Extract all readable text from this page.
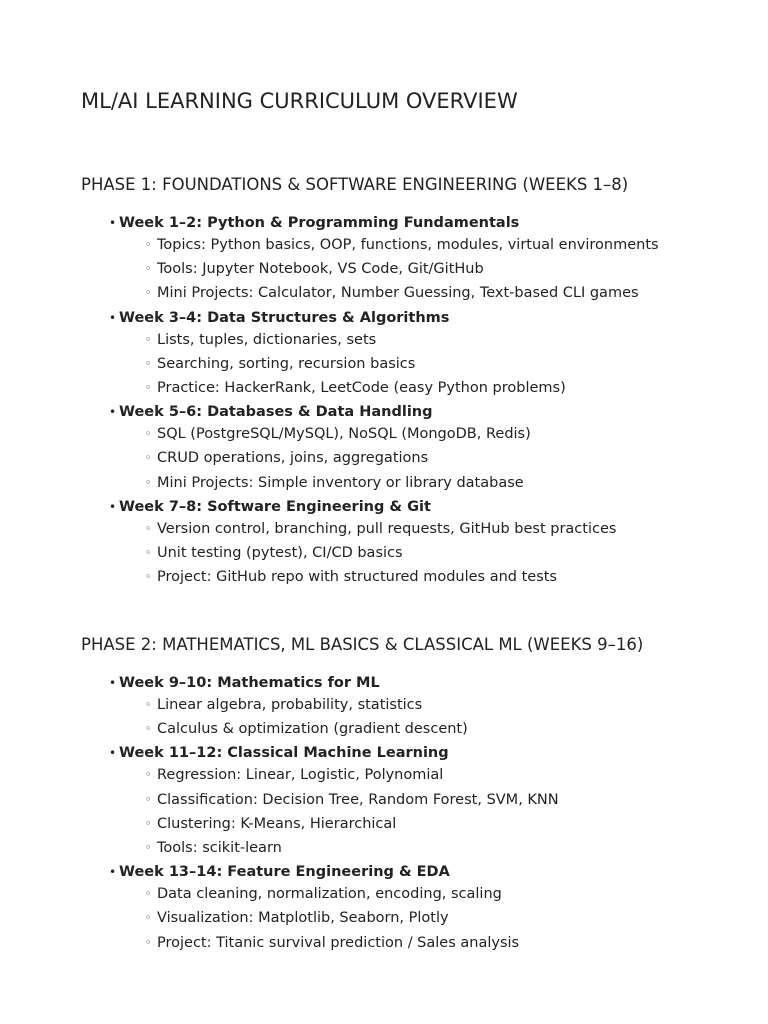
ML/AI LEARNING CURRICULUM OVERVIEW
PHASE 1: FOUNDATIONS & SOFTWARE ENGINEERING (WEEKS 1–8)
• Week 1–2: Python & Programming Fundamentals
◦ Topics: Python basics, OOP, functions, modules, virtual environments
◦ Tools: Jupyter Notebook, VS Code, Git/GitHub
◦ Mini Projects: Calculator, Number Guessing, Text-based CLI games
• Week 3–4: Data Structures & Algorithms
◦ Lists, tuples, dictionaries, sets
◦ Searching, sorting, recursion basics
◦ Practice: HackerRank, LeetCode (easy Python problems)
• Week 5–6: Databases & Data Handling
◦ SQL (PostgreSQL/MySQL), NoSQL (MongoDB, Redis)
◦ CRUD operations, joins, aggregations
◦ Mini Projects: Simple inventory or library database
• Week 7–8: Software Engineering & Git
◦ Version control, branching, pull requests, GitHub best practices
◦ Unit testing (pytest), CI/CD basics
◦ Project: GitHub repo with structured modules and tests
PHASE 2: MATHEMATICS, ML BASICS & CLASSICAL ML (WEEKS 9–16)
• Week 9–10: Mathematics for ML
◦ Linear algebra, probability, statistics
◦ Calculus & optimization (gradient descent)
• Week 11–12: Classical Machine Learning
◦ Regression: Linear, Logistic, Polynomial
◦ Classification: Decision Tree, Random Forest, SVM, KNN
◦ Clustering: K-Means, Hierarchical
◦ Tools: scikit-learn
• Week 13–14: Feature Engineering & EDA
◦ Data cleaning, normalization, encoding, scaling
◦ Visualization: Matplotlib, Seaborn, Plotly
◦ Project: Titanic survival prediction / Sales analysis
